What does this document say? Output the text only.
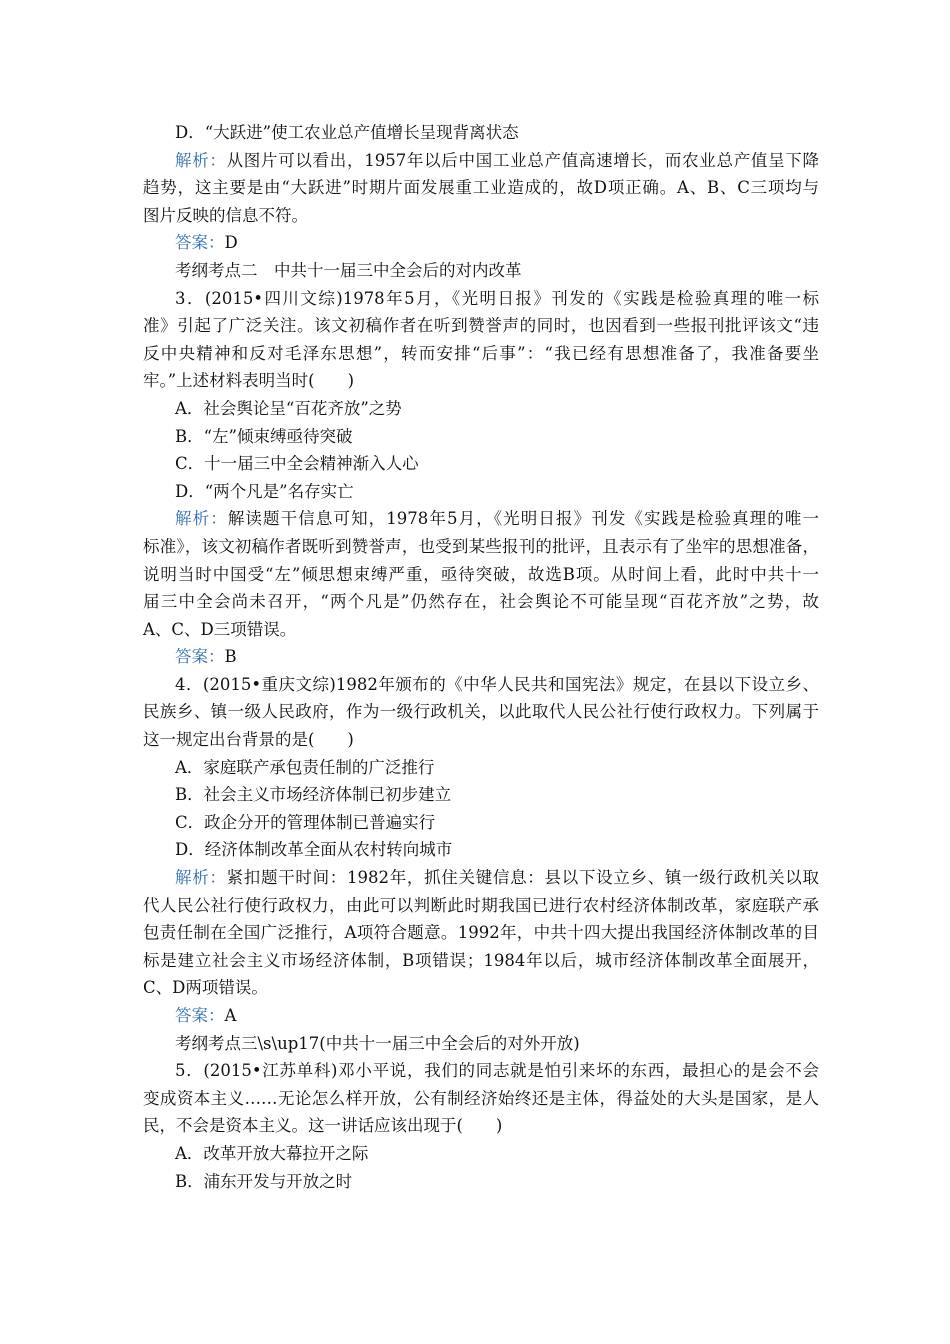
D．“大跃进”使工农业总产值增长呈现背离状态
解析：从图片可以看出，1957年以后中国工业总产值高速增长，而农业总产值呈下降
趋势，这主要是由“大跃进”时期片面发展重工业造成的，故D项正确。A、B、C三项均与
图片反映的信息不符。
答案：D
考纲考点二　中共十一届三中全会后的对内改革
3．(2015•四川文综)1978年5月，《光明日报》刊发的《实践是检验真理的唯一标
准》引起了广泛关注。该文初稿作者在听到赞誉声的同时，也因看到一些报刊批评该文“违
反中央精神和反对毛泽东思想”，转而安排“后事”：“我已经有思想准备了，我准备要坐
牢。”上述材料表明当时(　　)
A．社会舆论呈“百花齐放”之势
B．“左”倾束缚亟待突破
C．十一届三中全会精神渐入人心
D．“两个凡是”名存实亡
解析：解读题干信息可知，1978年5月，《光明日报》刊发《实践是检验真理的唯一
标准》，该文初稿作者既听到赞誉声，也受到某些报刊的批评，且表示有了坐牢的思想准备，
说明当时中国受“左”倾思想束缚严重，亟待突破，故选B项。从时间上看，此时中共十一
届三中全会尚未召开，“两个凡是”仍然存在，社会舆论不可能呈现“百花齐放”之势，故
A、C、D三项错误。
答案：B
4．(2015•重庆文综)1982年颁布的《中华人民共和国宪法》规定，在县以下设立乡、
民族乡、镇一级人民政府，作为一级行政机关，以此取代人民公社行使行政权力。下列属于
这一规定出台背景的是(　　)
A．家庭联产承包责任制的广泛推行
B．社会主义市场经济体制已初步建立
C．政企分开的管理体制已普遍实行
D．经济体制改革全面从农村转向城市
解析：紧扣题干时间：1982年，抓住关键信息：县以下设立乡、镇一级行政机关以取
代人民公社行使行政权力，由此可以判断此时期我国已进行农村经济体制改革，家庭联产承
包责任制在全国广泛推行，A项符合题意。1992年，中共十四大提出我国经济体制改革的目
标是建立社会主义市场经济体制，B项错误；1984年以后，城市经济体制改革全面展开，
C、D两项错误。
答案：A
考纲考点三\s\up17(中共十一届三中全会后的对外开放)
5．(2015•江苏单科)邓小平说，我们的同志就是怕引来坏的东西，最担心的是会不会
变成资本主义……无论怎么样开放，公有制经济始终还是主体，得益处的大头是国家，是人
民，不会是资本主义。这一讲话应该出现于(　　)
A．改革开放大幕拉开之际
B．浦东开发与开放之时
